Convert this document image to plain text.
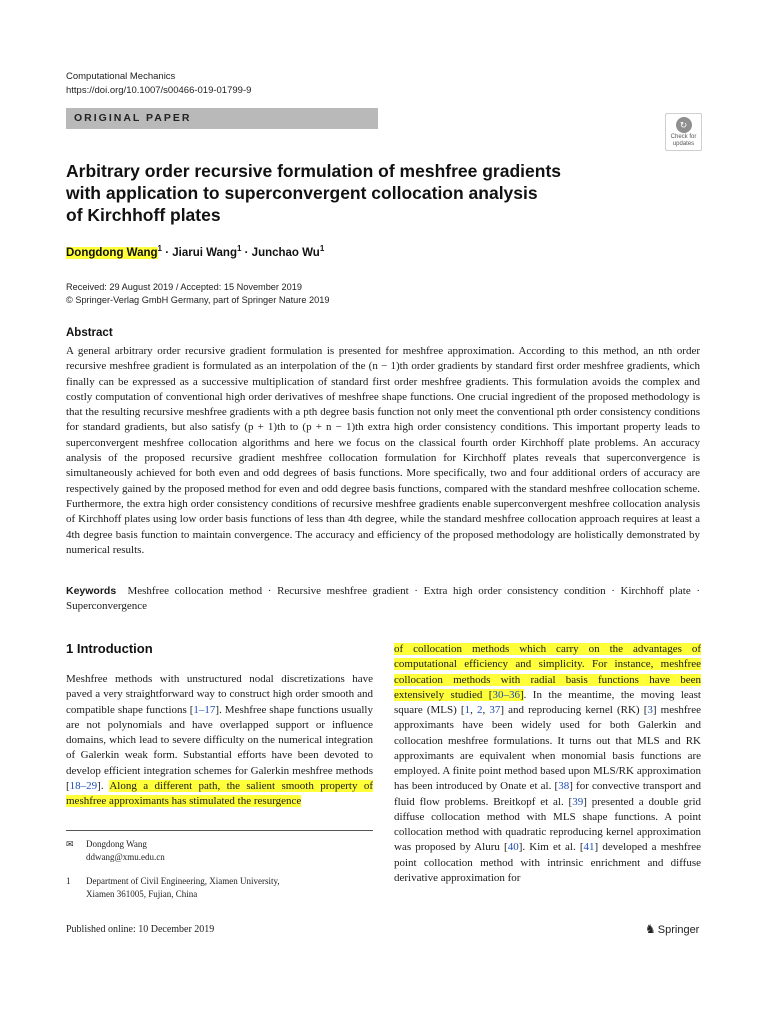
Computational Mechanics
https://doi.org/10.1007/s00466-019-01799-9
ORIGINAL PAPER
↻
Check for
updates
Arbitrary order recursive formulation of meshfree gradients
with application to superconvergent collocation analysis
of Kirchhoff plates
Dongdong Wang$^1$ · Jiarui Wang$^1$ · Junchao Wu$^1$
Received: 29 August 2019 / Accepted: 15 November 2019
© Springer-Verlag GmbH Germany, part of Springer Nature 2019
Abstract
A general arbitrary order recursive gradient formulation is presented for meshfree approximation. According to this method, an nth order recursive meshfree gradient is formulated as an interpolation of the (n − 1)th order gradients by standard first order meshfree gradients, which finally can be expressed as a successive multiplication of standard first order meshfree gradients. This formulation avoids the complex and costly computation of conventional high order derivatives of meshfree shape functions. One crucial ingredient of the proposed methodology is that the resulting recursive meshfree gradients with a pth degree basis function not only meet the conventional pth order consistency conditions for standard gradients, but also satisfy (p + 1)th to (p + n − 1)th extra high order consistency conditions. This important property leads to superconvergent meshfree collocation algorithms and here we focus on the classical fourth order Kirchhoff plate problems. An accuracy analysis of the proposed recursive gradient meshfree collocation formulation for Kirchhoff plates reveals that superconvergence is simultaneously achieved for both even and odd degrees of basis functions. More specifically, two and four additional orders of accuracy are respectively gained by the proposed method for even and odd degree basis functions, compared with the standard meshfree collocation scheme. Furthermore, the extra high order consistency conditions of recursive meshfree gradients enable superconvergent meshfree collocation analysis of Kirchhoff plates using low order basis functions of less than 4th degree, while the standard meshfree collocation approach requires at least a 4th degree basis function to maintain convergence. The accuracy and efficiency of the proposed methodology are holistically demonstrated by numerical results.
Keywords Meshfree collocation method · Recursive meshfree gradient · Extra high order consistency condition · Kirchhoff plate · Superconvergence
1 Introduction
Meshfree methods with unstructured nodal discretizations have paved a very straightforward way to construct high order smooth and compatible shape functions [1–17]. Meshfree shape functions usually are not polynomials and have overlapped support or influence domains, which lead to severe difficulty on the numerical integration of Galerkin weak form. Substantial efforts have been devoted to develop efficient integration schemes for Galerkin meshfree methods [18–29]. Along a different path, the salient smooth property of meshfree approximants has stimulated the resurgence
of collocation methods which carry on the advantages of computational efficiency and simplicity. For instance, meshfree collocation methods with radial basis functions have been extensively studied [30–36]. In the meantime, the moving least square (MLS) [1, 2, 37] and reproducing kernel (RK) [3] meshfree approximants have been widely used for both Galerkin and collocation meshfree formulations. It turns out that MLS and RK approximants are equivalent when monomial basis functions are employed. A finite point method based upon MLS/RK approximation has been introduced by Onate et al. [38] for convective transport and fluid flow problems. Breitkopf et al. [39] presented a double grid diffuse collocation method with MLS shape functions. A point collocation method with quadratic reproducing kernel approximation was proposed by Aluru [40]. Kim et al. [41] developed a meshfree point collocation method with intrinsic enrichment and diffuse derivative approximation for
✉ Dongdong Wang
ddwang@xmu.edu.cn
1 Department of Civil Engineering, Xiamen University,
Xiamen 361005, Fujian, China
Published online: 10 December 2019	♞ Springer
